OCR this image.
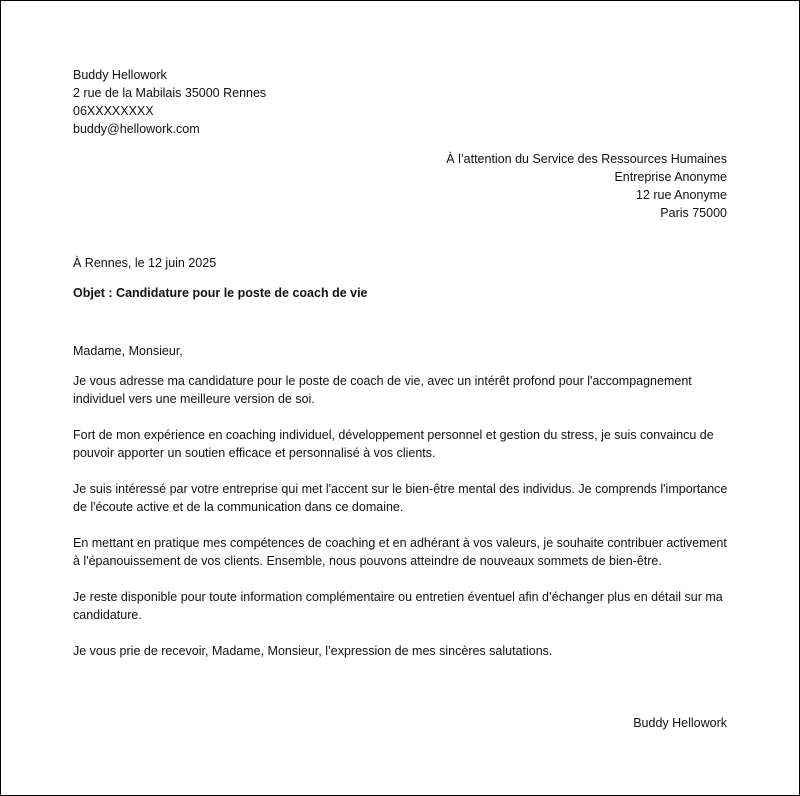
Buddy Hellowork
2 rue de la Mabilais 35000 Rennes
06XXXXXXXX
buddy@hellowork.com
À l’attention du Service des Ressources Humaines
Entreprise Anonyme
12 rue Anonyme
Paris 75000
À Rennes, le 12 juin 2025
Objet : Candidature pour le poste de coach de vie
Madame, Monsieur,

Je vous adresse ma candidature pour le poste de coach de vie, avec un intérêt profond pour l'accompagnement individuel vers une meilleure version de soi.

Fort de mon expérience en coaching individuel, développement personnel et gestion du stress, je suis convaincu de pouvoir apporter un soutien efficace et personnalisé à vos clients.

Je suis intéressé par votre entreprise qui met l'accent sur le bien-être mental des individus. Je comprends l'importance de l'écoute active et de la communication dans ce domaine.

En mettant en pratique mes compétences de coaching et en adhérant à vos valeurs, je souhaite contribuer activement à l'épanouissement de vos clients. Ensemble, nous pouvons atteindre de nouveaux sommets de bien-être.

Je reste disponible pour toute information complémentaire ou entretien éventuel afin d’échanger plus en détail sur ma candidature.

Je vous prie de recevoir, Madame, Monsieur, l’expression de mes sincères salutations.

Buddy Hellowork
